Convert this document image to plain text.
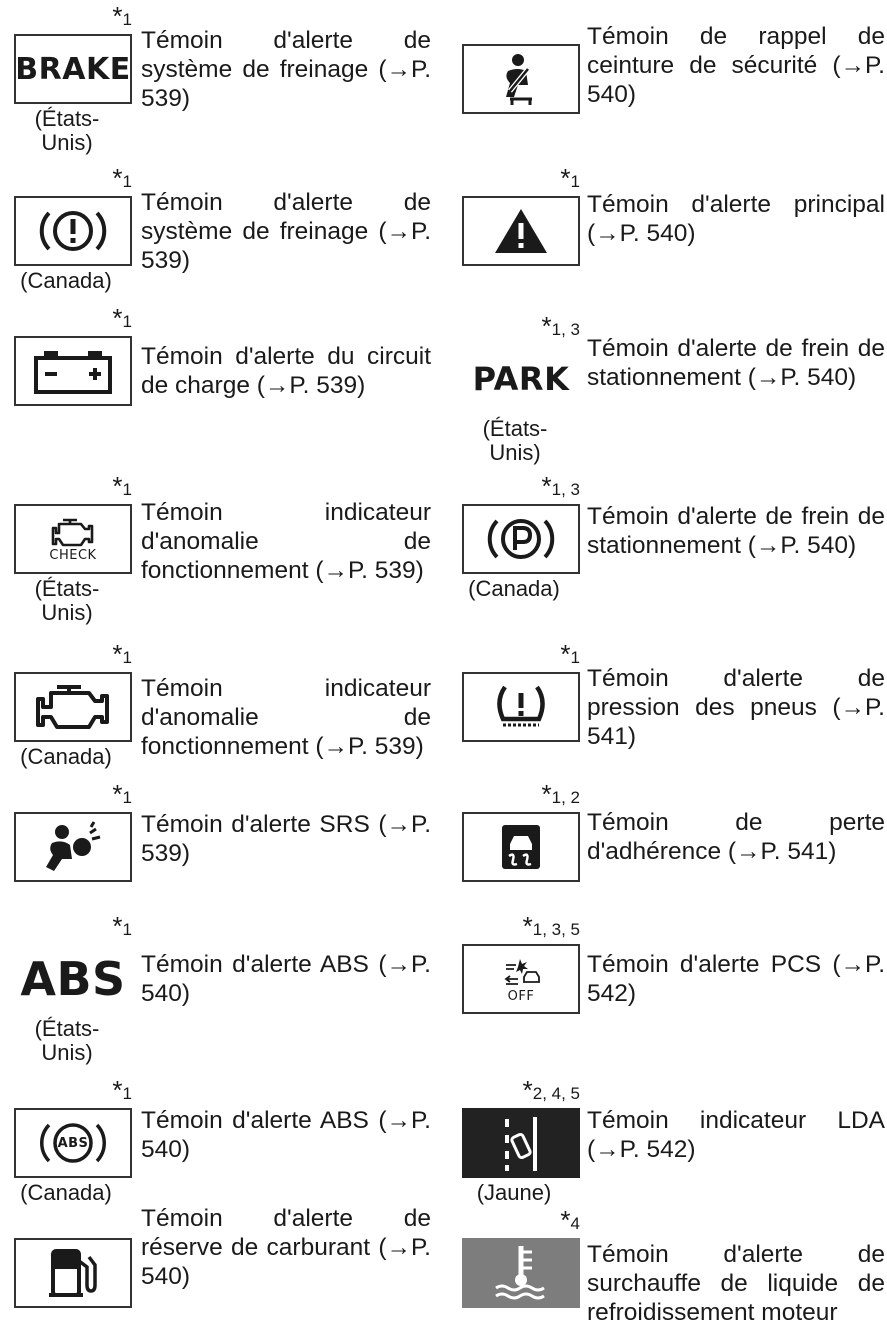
*1
BRAKE
(États-Unis)
Témoin d'alerte de système de freinage (→P. 539)
*1
(Canada)
Témoin d'alerte de système de freinage (→P. 539)
*1
Témoin d'alerte du circuit de charge (→P. 539)
*1
CHECK
(États-Unis)
Témoin indicateur d'anomalie de fonctionnement (→P. 539)
*1
(Canada)
Témoin indicateur d'anomalie de fonctionnement (→P. 539)
*1
Témoin d'alerte SRS (→P. 539)
*1
ABS
(États-Unis)
Témoin d'alerte ABS (→P. 540)
*1
ABS
(Canada)
Témoin d'alerte ABS (→P. 540)
Témoin d'alerte de réserve de carburant (→P. 540)
Témoin de rappel de ceinture de sécurité (→P. 540)
*1
Témoin d'alerte principal (→P. 540)
*1, 3
PARK
(États-Unis)
Témoin d'alerte de frein de stationnement (→P. 540)
*1, 3
(Canada)
Témoin d'alerte de frein de stationnement (→P. 540)
*1
Témoin d'alerte de pression des pneus (→P. 541)
*1, 2
Témoin de perte d'adhérence (→P. 541)
*1, 3, 5
OFF
Témoin d'alerte PCS (→P. 542)
*2, 4, 5
(Jaune)
Témoin indicateur LDA (→P. 542)
*4
Témoin d'alerte de surchauffe de liquide de refroidissement moteur
